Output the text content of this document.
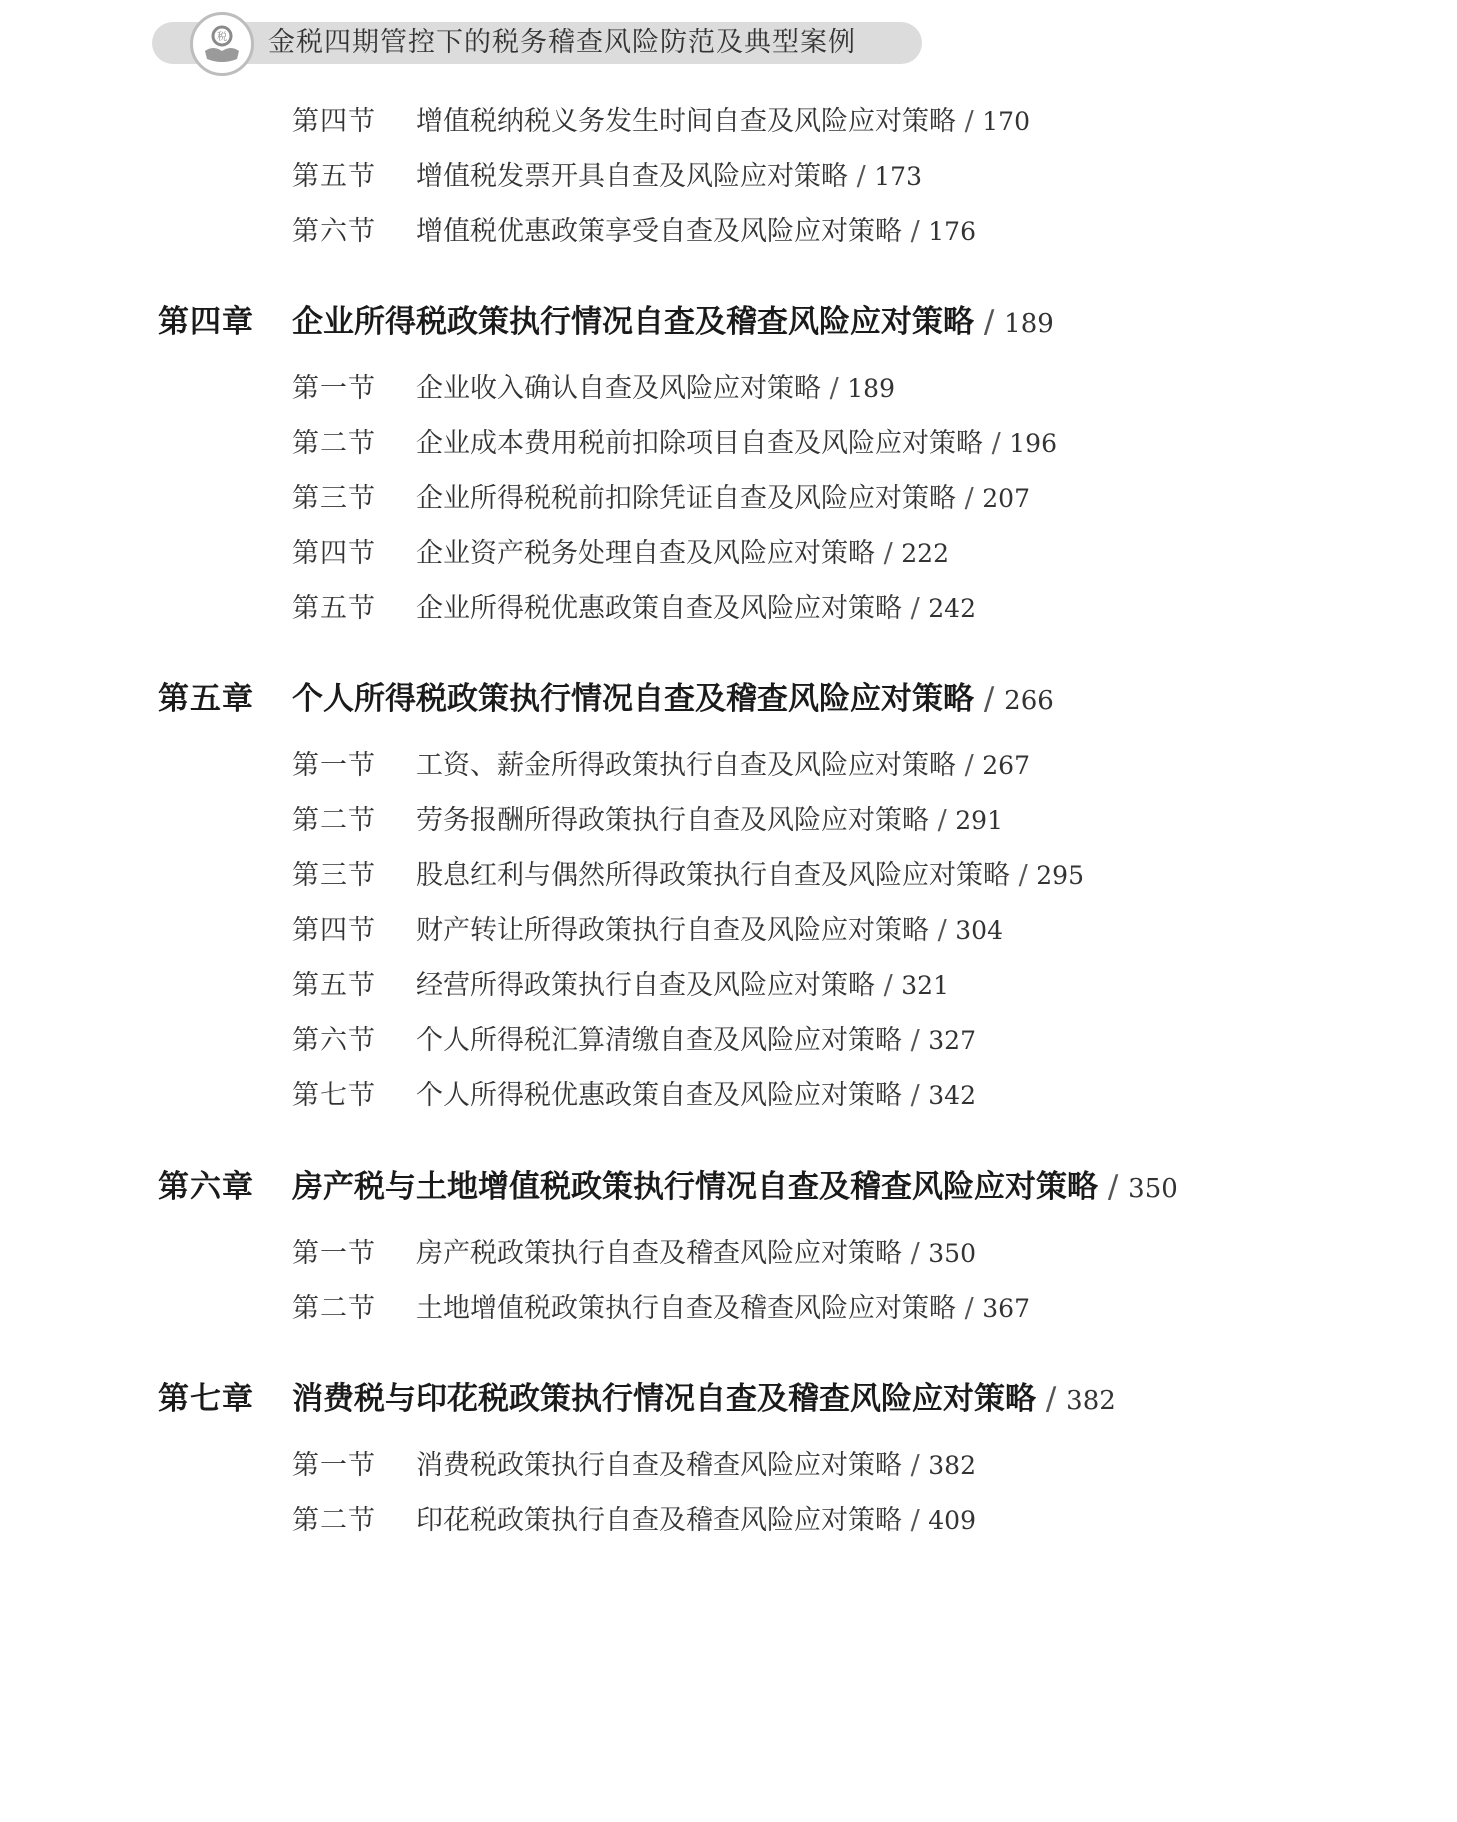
税 金税四期管控下的税务稽查风险防范及典型案例
第四节 增值税纳税义务发生时间自查及风险应对策略 / 170
第五节 增值税发票开具自查及风险应对策略 / 173
第六节 增值税优惠政策享受自查及风险应对策略 / 176
第四章 企业所得税政策执行情况自查及稽查风险应对策略 / 189
第一节 企业收入确认自查及风险应对策略 / 189
第二节 企业成本费用税前扣除项目自查及风险应对策略 / 196
第三节 企业所得税税前扣除凭证自查及风险应对策略 / 207
第四节 企业资产税务处理自查及风险应对策略 / 222
第五节 企业所得税优惠政策自查及风险应对策略 / 242
第五章 个人所得税政策执行情况自查及稽查风险应对策略 / 266
第一节 工资、薪金所得政策执行自查及风险应对策略 / 267
第二节 劳务报酬所得政策执行自查及风险应对策略 / 291
第三节 股息红利与偶然所得政策执行自查及风险应对策略 / 295
第四节 财产转让所得政策执行自查及风险应对策略 / 304
第五节 经营所得政策执行自查及风险应对策略 / 321
第六节 个人所得税汇算清缴自查及风险应对策略 / 327
第七节 个人所得税优惠政策自查及风险应对策略 / 342
第六章 房产税与土地增值税政策执行情况自查及稽查风险应对策略 / 350
第一节 房产税政策执行自查及稽查风险应对策略 / 350
第二节 土地增值税政策执行自查及稽查风险应对策略 / 367
第七章 消费税与印花税政策执行情况自查及稽查风险应对策略 / 382
第一节 消费税政策执行自查及稽查风险应对策略 / 382
第二节 印花税政策执行自查及稽查风险应对策略 / 409
